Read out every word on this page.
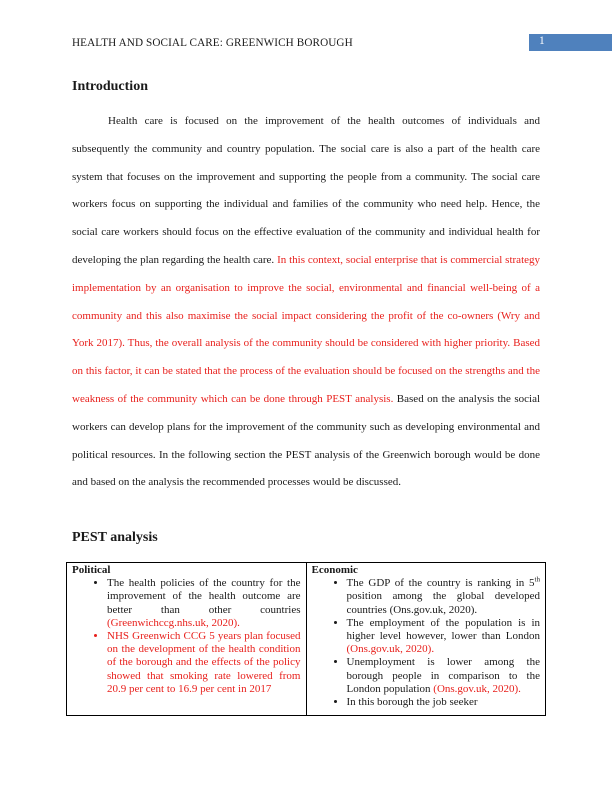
HEALTH AND SOCIAL CARE: GREENWICH BOROUGH	1
Introduction

Health care is focused on the improvement of the health outcomes of individuals and subsequently the community and country population. The social care is also a part of the health care system that focuses on the improvement and supporting the people from a community. The social care workers focus on supporting the individual and families of the community who need help. Hence, the social care workers should focus on the effective evaluation of the community and individual health for developing the plan regarding the health care. In this context, social enterprise that is commercial strategy implementation by an organisation to improve the social, environmental and financial well-being of a community and this also maximise the social impact considering the profit of the co-owners (Wry and York 2017). Thus, the overall analysis of the community should be considered with higher priority. Based on this factor, it can be stated that the process of the evaluation should be focused on the strengths and the weakness of the community which can be done through PEST analysis. Based on the analysis the social workers can develop plans for the improvement of the community such as developing environmental and political resources. In the following section the PEST analysis of the Greenwich borough would be done and based on the analysis the recommended processes would be discussed.

PEST analysis
Political
• The health policies of the country for the improvement of the health outcome are better than other countries (Greenwichccg.nhs.uk, 2020).
• NHS Greenwich CCG 5 years plan focused on the development of the health condition of the borough and the effects of the policy showed that smoking rate lowered from 20.9 per cent to 16.9 per cent in 2017

Economic
• The GDP of the country is ranking in 5th position among the global developed countries (Ons.gov.uk, 2020).
• The employment of the population is in higher level however, lower than London (Ons.gov.uk, 2020).
• Unemployment is lower among the borough people in comparison to the London population (Ons.gov.uk, 2020).
• In this borough the job seeker
